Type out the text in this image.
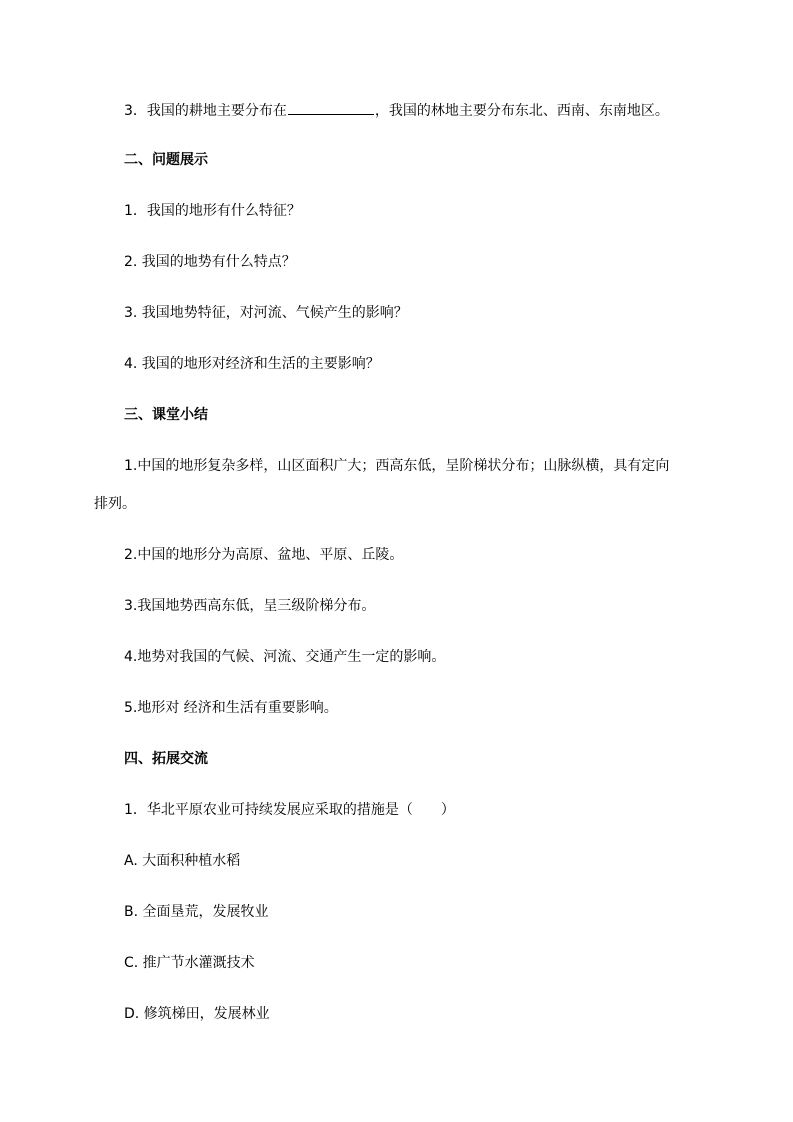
3．我国的耕地主要分布在	，我国的林地主要分布东北、西南、东南地区。
二、问题展示
1．我国的地形有什么特征？
2. 我国的地势有什么特点？
3. 我国地势特征，对河流、气候产生的影响？
4. 我国的地形对经济和生活的主要影响？
三、课堂小结
1.中国的地形复杂多样，山区面积广大；西高东低，呈阶梯状分布；山脉纵横，具有定向
排列。
2.中国的地形分为高原、盆地、平原、丘陵。
3.我国地势西高东低，呈三级阶梯分布。
4.地势对我国的气候、河流、交通产生一定的影响。
5.地形对 经济和生活有重要影响。
四、拓展交流
1．华北平原农业可持续发展应采取的措施是（　　）
A. 大面积种植水稻
B. 全面垦荒，发展牧业
C. 推广节水灌溉技术
D. 修筑梯田，发展林业
